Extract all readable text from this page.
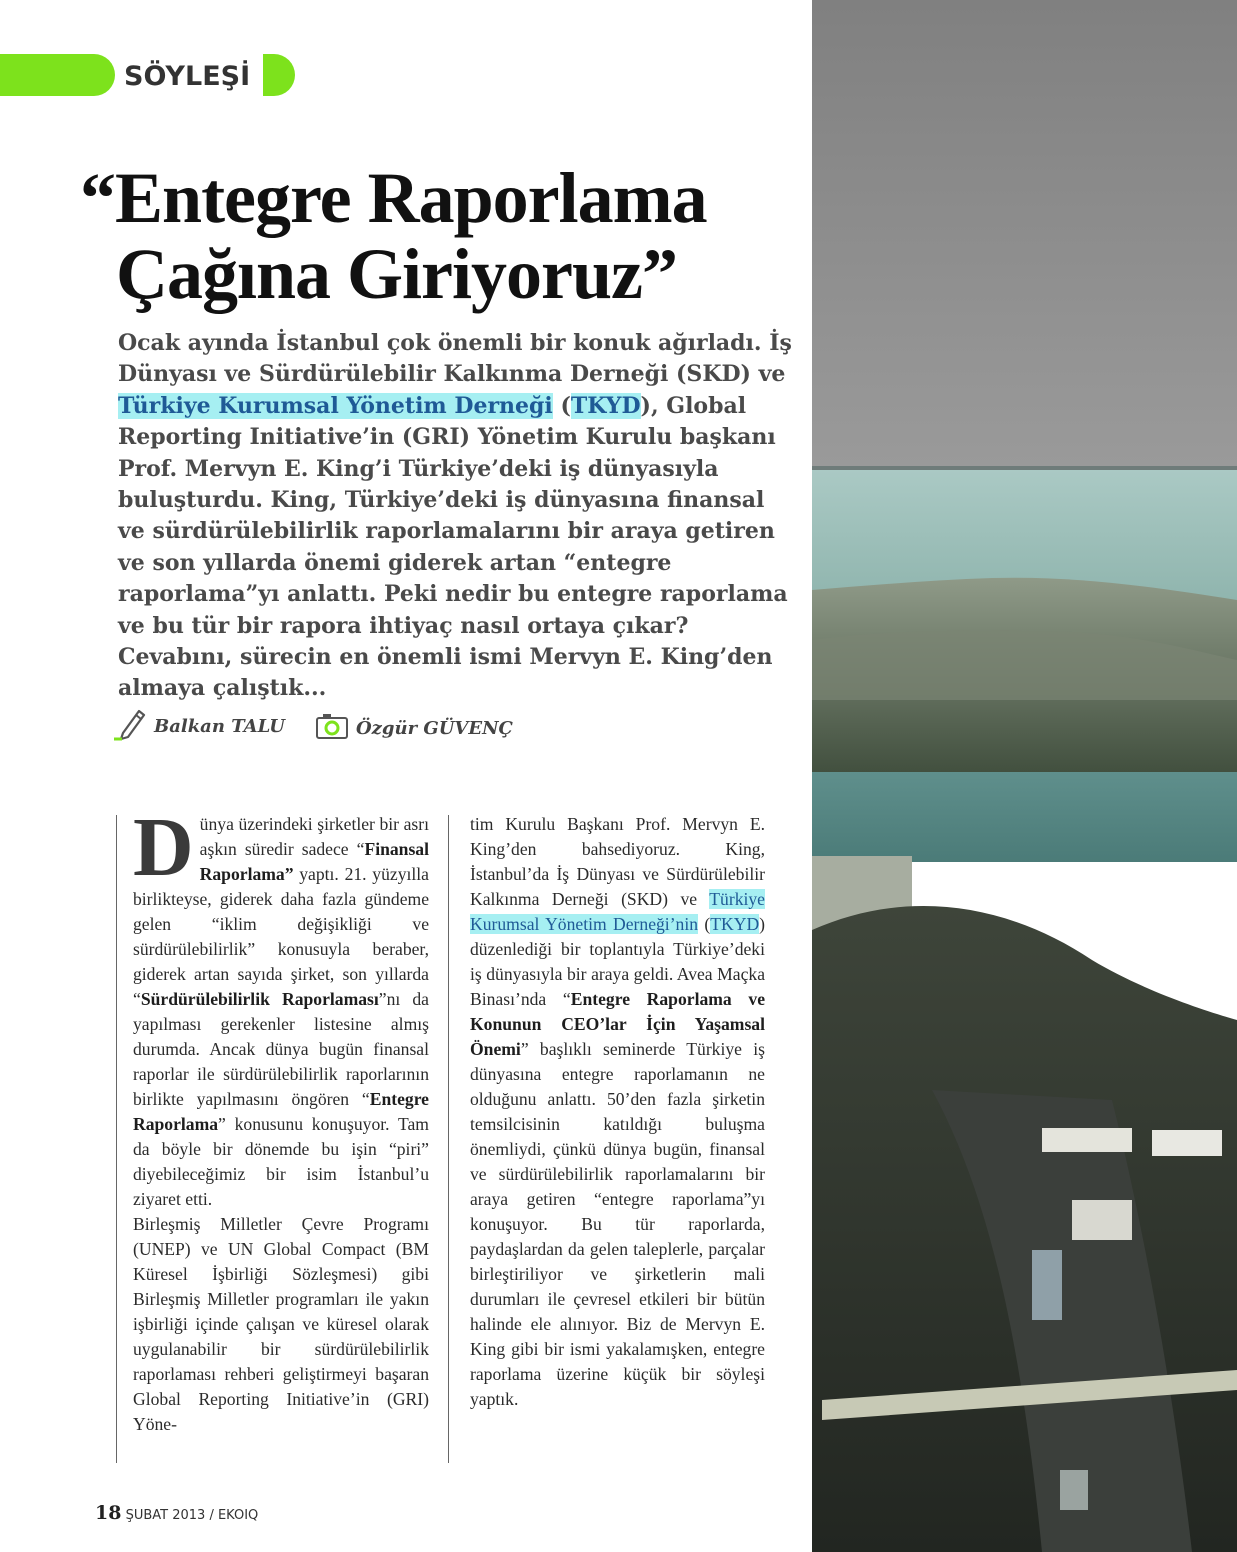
SÖYLEŞİ
“Entegre Raporlama
Çağına Giriyoruz”

Ocak ayında İstanbul çok önemli bir konuk ağırladı. İş Dünyası ve Sürdürülebilir Kalkınma Derneği (SKD) ve Türkiye Kurumsal Yönetim Derneği (TKYD), Global Reporting Initiative’in (GRI) Yönetim Kurulu başkanı Prof. Mervyn E. King’i Türkiye’deki iş dünyasıyla buluşturdu. King, Türkiye’deki iş dünyasına finansal ve sürdürülebilirlik raporlamalarını bir araya getiren ve son yıllarda önemi giderek artan “entegre raporlama”yı anlattı. Peki nedir bu entegre raporlama ve bu tür bir rapora ihtiyaç nasıl ortaya çıkar? Cevabını, sürecin en önemli ismi Mervyn E. King’den almaya çalıştık...

Balkan TALU	Özgür GÜVENÇ

Dünya üzerindeki şirketler bir asrı aşkın süredir sadece “Finansal Raporlama” yaptı. 21. yüzyılla birlikteyse, giderek daha fazla gündeme gelen “iklim değişikliği ve sürdürülebilirlik” konusuyla beraber, giderek artan sayıda şirket, son yıllarda “Sürdürülebilirlik Raporlaması”nı da yapılması gerekenler listesine almış durumda. Ancak dünya bugün finansal raporlar ile sürdürülebilirlik raporlarının birlikte yapılmasını öngören “Entegre Raporlama” konusunu konuşuyor. Tam da böyle bir dönemde bu işin “piri” diyebileceğimiz bir isim İstanbul’u ziyaret etti.

Birleşmiş Milletler Çevre Programı (UNEP) ve UN Global Compact (BM Küresel İşbirliği Sözleşmesi) gibi Birleşmiş Milletler programları ile yakın işbirliği içinde çalışan ve küresel olarak uygulanabilir bir sürdürülebilirlik raporlaması rehberi geliştirmeyi başaran Global Reporting Initiative’in (GRI) Yöne-

tim Kurulu Başkanı Prof. Mervyn E. King’den bahsediyoruz. King, İstanbul’da İş Dünyası ve Sürdürülebilir Kalkınma Derneği (SKD) ve Türkiye Kurumsal Yönetim Derneği’nin (TKYD) düzenlediği bir toplantıyla Türkiye’deki iş dünyasıyla bir araya geldi. Avea Maçka Binası’nda “Entegre Raporlama ve Konunun CEO’lar İçin Yaşamsal Önemi” başlıklı seminerde Türkiye iş dünyasına entegre raporlamanın ne olduğunu anlattı. 50’den fazla şirketin temsilcisinin katıldığı buluşma önemliydi, çünkü dünya bugün, finansal ve sürdürülebilirlik raporlamalarını bir araya getiren “entegre raporlama”yı konuşuyor. Bu tür raporlarda, paydaşlardan da gelen taleplerle, parçalar birleştiriliyor ve şirketlerin mali durumları ile çevresel etkileri bir bütün halinde ele alınıyor. Biz de Mervyn E. King gibi bir ismi yakalamışken, entegre raporlama üzerine küçük bir söyleşi yaptık.

18 ŞUBAT 2013 / EKOIQ
